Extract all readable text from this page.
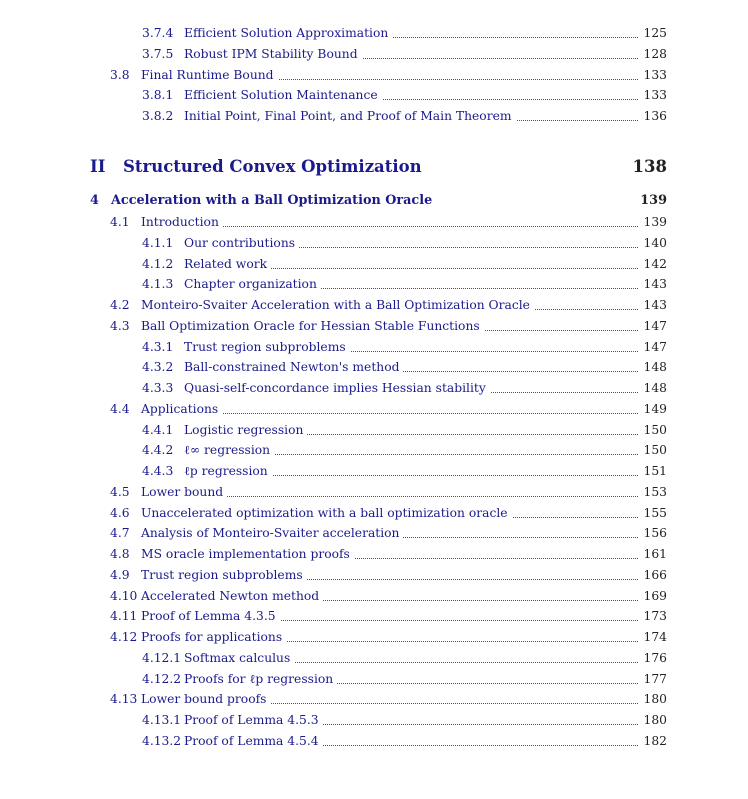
3.7.4 Efficient Solution Approximation	125
3.7.5 Robust IPM Stability Bound	128
3.8 Final Runtime Bound	133
3.8.1 Efficient Solution Maintenance	133
3.8.2 Initial Point, Final Point, and Proof of Main Theorem	136
II Structured Convex Optimization	138
4 Acceleration with a Ball Optimization Oracle	139
4.1 Introduction	139
4.1.1 Our contributions	140
4.1.2 Related work	142
4.1.3 Chapter organization	143
4.2 Monteiro-Svaiter Acceleration with a Ball Optimization Oracle	143
4.3 Ball Optimization Oracle for Hessian Stable Functions	147
4.3.1 Trust region subproblems	147
4.3.2 Ball-constrained Newton's method	148
4.3.3 Quasi-self-concordance implies Hessian stability	148
4.4 Applications	149
4.4.1 Logistic regression	150
4.4.2 ℓ∞ regression	150
4.4.3 ℓp regression	151
4.5 Lower bound	153
4.6 Unaccelerated optimization with a ball optimization oracle	155
4.7 Analysis of Monteiro-Svaiter acceleration	156
4.8 MS oracle implementation proofs	161
4.9 Trust region subproblems	166
4.10 Accelerated Newton method	169
4.11 Proof of Lemma 4.3.5	173
4.12 Proofs for applications	174
4.12.1 Softmax calculus	176
4.12.2 Proofs for ℓp regression	177
4.13 Lower bound proofs	180
4.13.1 Proof of Lemma 4.5.3	180
4.13.2 Proof of Lemma 4.5.4	182
